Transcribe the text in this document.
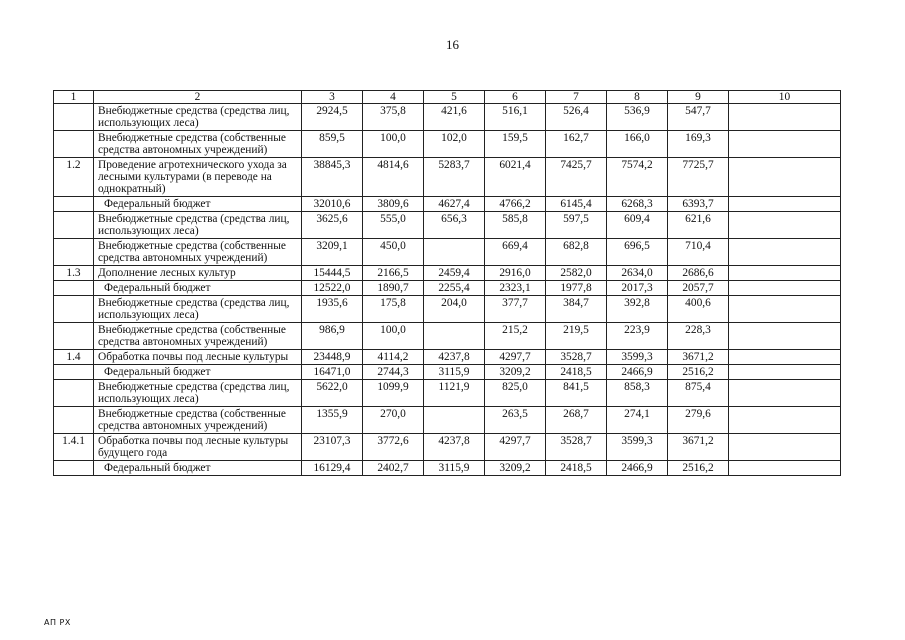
16
1	2	3	4	5	6	7	8	9	10
	Внебюджетные средства (средства лиц, использующих леса)	2924,5	375,8	421,6	516,1	526,4	536,9	547,7	
	Внебюджетные средства (собственные средства автономных учреждений)	859,5	100,0	102,0	159,5	162,7	166,0	169,3	
1.2	Проведение агротехнического ухода за лесными культурами (в переводе на однократный)	38845,3	4814,6	5283,7	6021,4	7425,7	7574,2	7725,7	
	Федеральный бюджет	32010,6	3809,6	4627,4	4766,2	6145,4	6268,3	6393,7	
	Внебюджетные средства (средства лиц, использующих леса)	3625,6	555,0	656,3	585,8	597,5	609,4	621,6	
	Внебюджетные средства (собственные средства автономных учреждений)	3209,1	450,0		669,4	682,8	696,5	710,4	
1.3	Дополнение лесных культур	15444,5	2166,5	2459,4	2916,0	2582,0	2634,0	2686,6	
	Федеральный бюджет	12522,0	1890,7	2255,4	2323,1	1977,8	2017,3	2057,7	
	Внебюджетные средства (средства лиц, использующих леса)	1935,6	175,8	204,0	377,7	384,7	392,8	400,6	
	Внебюджетные средства (собственные средства автономных учреждений)	986,9	100,0		215,2	219,5	223,9	228,3	
1.4	Обработка почвы под лесные культуры	23448,9	4114,2	4237,8	4297,7	3528,7	3599,3	3671,2	
	Федеральный бюджет	16471,0	2744,3	3115,9	3209,2	2418,5	2466,9	2516,2	
	Внебюджетные средства (средства лиц, использующих леса)	5622,0	1099,9	1121,9	825,0	841,5	858,3	875,4	
	Внебюджетные средства (собственные средства автономных учреждений)	1355,9	270,0		263,5	268,7	274,1	279,6	
1.4.1	Обработка почвы под лесные культуры будущего года	23107,3	3772,6	4237,8	4297,7	3528,7	3599,3	3671,2	
	Федеральный бюджет	16129,4	2402,7	3115,9	3209,2	2418,5	2466,9	2516,2	
АП РХ
